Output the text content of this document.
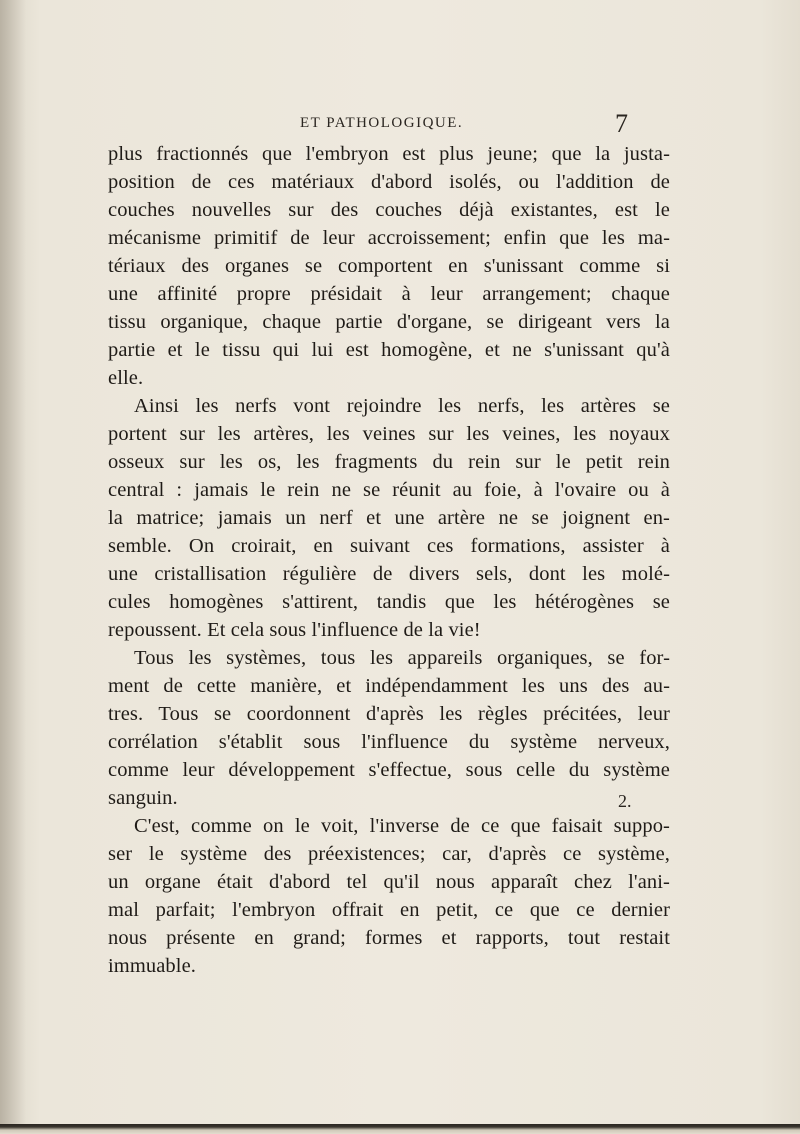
ET PATHOLOGIQUE.	7
plus fractionnés que l'embryon est plus jeune; que la justa-
position de ces matériaux d'abord isolés, ou l'addition de
couches nouvelles sur des couches déjà existantes, est le
mécanisme primitif de leur accroissement; enfin que les ma-
tériaux des organes se comportent en s'unissant comme si
une affinité propre présidait à leur arrangement; chaque
tissu organique, chaque partie d'organe, se dirigeant vers la
partie et le tissu qui lui est homogène, et ne s'unissant qu'à
elle.
Ainsi les nerfs vont rejoindre les nerfs, les artères se
portent sur les artères, les veines sur les veines, les noyaux
osseux sur les os, les fragments du rein sur le petit rein
central : jamais le rein ne se réunit au foie, à l'ovaire ou à
la matrice; jamais un nerf et une artère ne se joignent en-
semble. On croirait, en suivant ces formations, assister à
une cristallisation régulière de divers sels, dont les molé-
cules homogènes s'attirent, tandis que les hétérogènes se
repoussent. Et cela sous l'influence de la vie!
Tous les systèmes, tous les appareils organiques, se for-
ment de cette manière, et indépendamment les uns des au-
tres. Tous se coordonnent d'après les règles précitées, leur
corrélation s'établit sous l'influence du système nerveux,
comme leur développement s'effectue, sous celle du système
sanguin.
C'est, comme on le voit, l'inverse de ce que faisait suppo-
ser le système des préexistences; car, d'après ce système,
un organe était d'abord tel qu'il nous apparaît chez l'ani-
mal parfait; l'embryon offrait en petit, ce que ce dernier
nous présente en grand; formes et rapports, tout restait
immuable.
2.
